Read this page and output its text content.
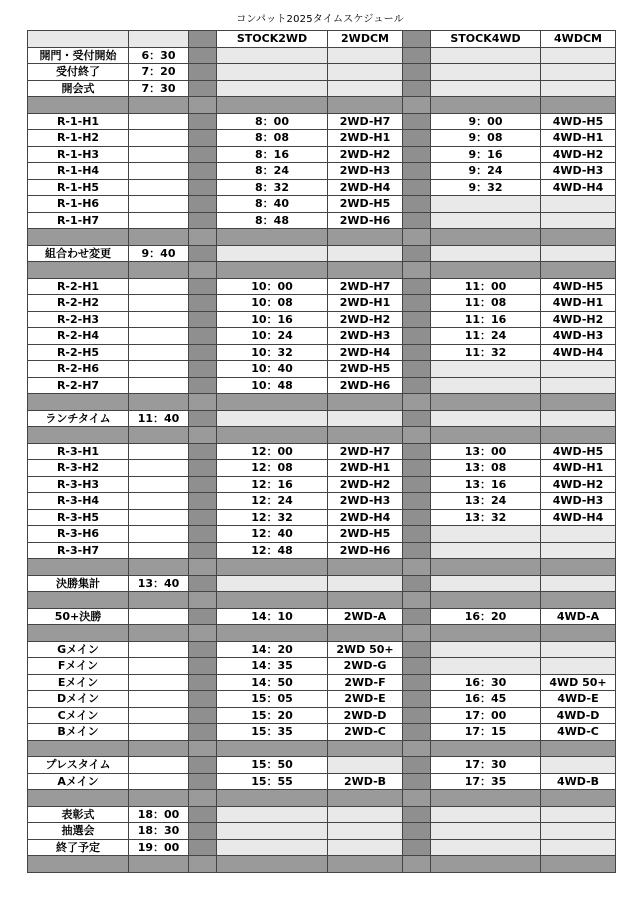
コンパット2025タイムスケジュール
			STOCK2WD	2WDCM		STOCK4WD	4WDCM
開門・受付開始	6：30						
受付終了	7：20						
開会式	7：30						

R-1-H1			8：00	2WD-H7		9：00	4WD-H5
R-1-H2			8：08	2WD-H1		9：08	4WD-H1
R-1-H3			8：16	2WD-H2		9：16	4WD-H2
R-1-H4			8：24	2WD-H3		9：24	4WD-H3
R-1-H5			8：32	2WD-H4		9：32	4WD-H4
R-1-H6			8：40	2WD-H5			
R-1-H7			8：48	2WD-H6			

組合わせ変更	9：40						

R-2-H1			10：00	2WD-H7		11：00	4WD-H5
R-2-H2			10：08	2WD-H1		11：08	4WD-H1
R-2-H3			10：16	2WD-H2		11：16	4WD-H2
R-2-H4			10：24	2WD-H3		11：24	4WD-H3
R-2-H5			10：32	2WD-H4		11：32	4WD-H4
R-2-H6			10：40	2WD-H5			
R-2-H7			10：48	2WD-H6			

ランチタイム	11：40						

R-3-H1			12：00	2WD-H7		13：00	4WD-H5
R-3-H2			12：08	2WD-H1		13：08	4WD-H1
R-3-H3			12：16	2WD-H2		13：16	4WD-H2
R-3-H4			12：24	2WD-H3		13：24	4WD-H3
R-3-H5			12：32	2WD-H4		13：32	4WD-H4
R-3-H6			12：40	2WD-H5			
R-3-H7			12：48	2WD-H6			

決勝集計	13：40						

50+決勝			14：10	2WD-A		16：20	4WD-A

Gメイン			14：20	2WD 50+			
Fメイン			14：35	2WD-G			
Eメイン			14：50	2WD-F		16：30	4WD 50+
Dメイン			15：05	2WD-E		16：45	4WD-E
Cメイン			15：20	2WD-D		17：00	4WD-D
Bメイン			15：35	2WD-C		17：15	4WD-C

プレスタイム			15：50			17：30	
Aメイン			15：55	2WD-B		17：35	4WD-B

表彰式	18：00						
抽選会	18：30						
終了予定	19：00						
